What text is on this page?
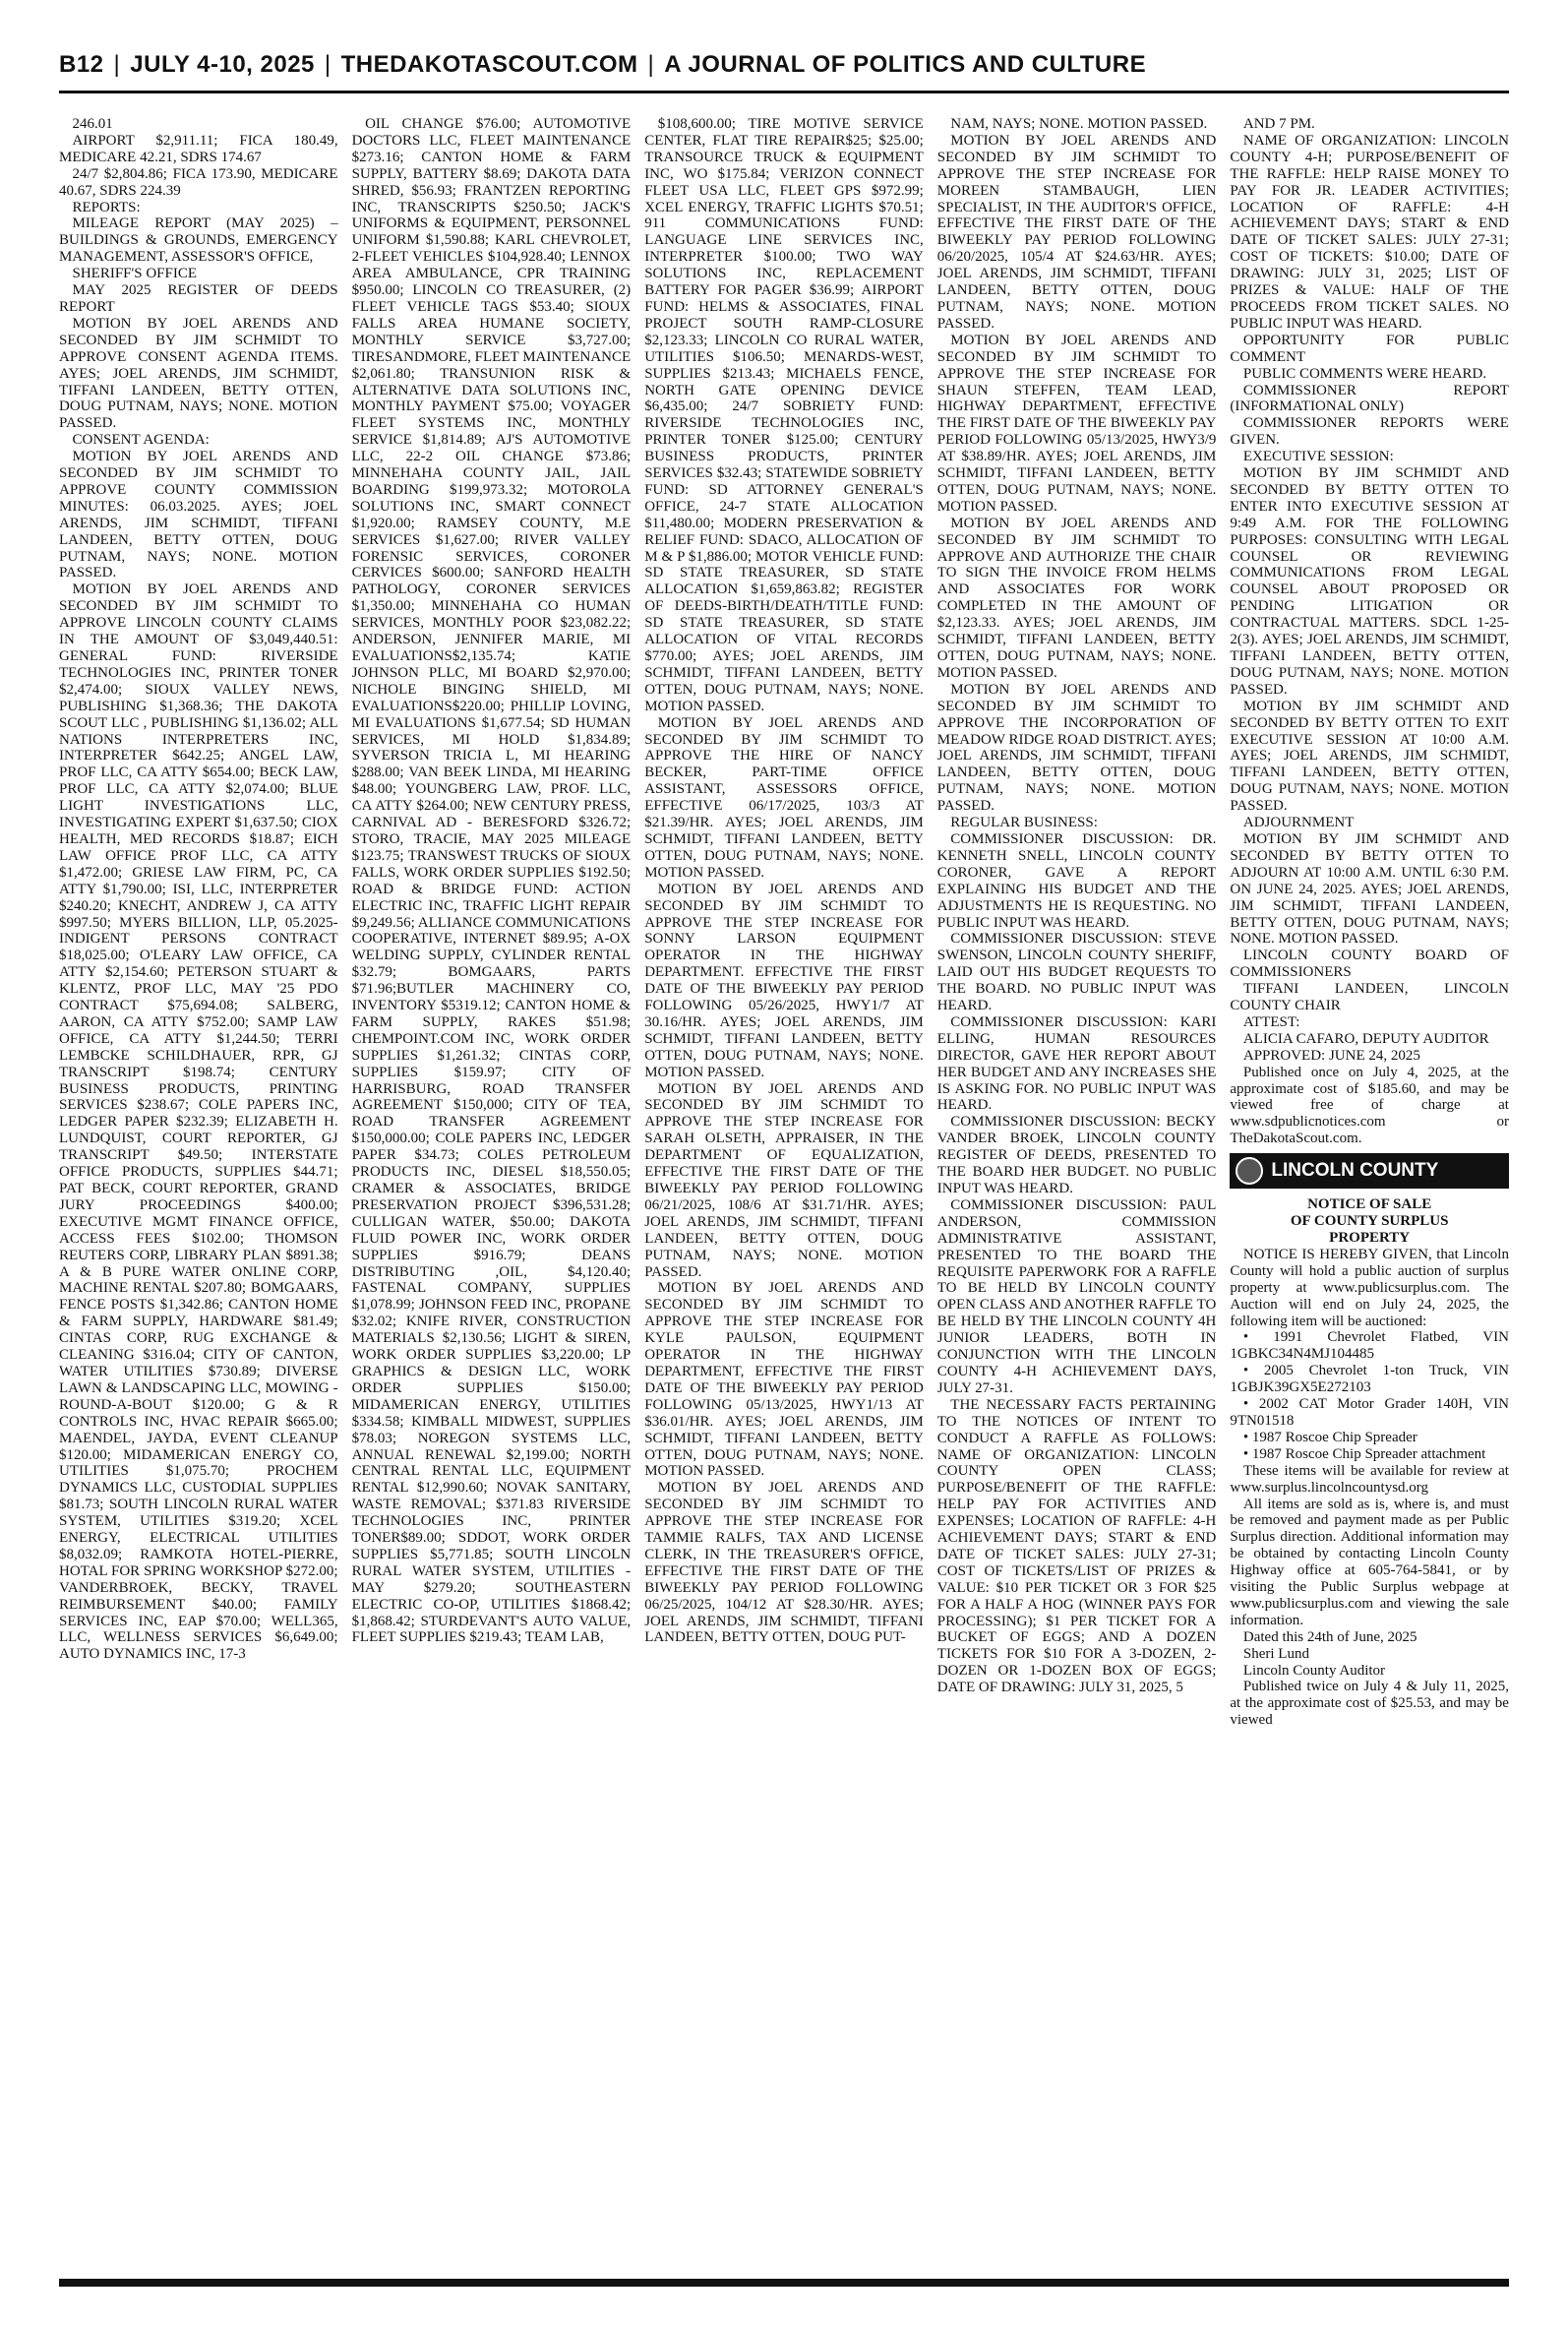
B12 | JULY 4-10, 2025 | THEDAKOTASCOUT.COM | A JOURNAL OF POLITICS AND CULTURE

246.01

AIRPORT $2,911.11; FICA 180.49, MEDICARE 42.21, SDRS 174.67

24/7 $2,804.86; FICA 173.90, MEDICARE 40.67, SDRS 224.39

REPORTS:

MILEAGE REPORT (MAY 2025) – BUILDINGS & GROUNDS, EMERGENCY MANAGEMENT, ASSESSOR'S OFFICE,

SHERIFF'S OFFICE

MAY 2025 REGISTER OF DEEDS REPORT

MOTION BY JOEL ARENDS AND SECONDED BY JIM SCHMIDT TO APPROVE CONSENT AGENDA ITEMS. AYES; JOEL ARENDS, JIM SCHMIDT, TIFFANI LANDEEN, BETTY OTTEN, DOUG PUTNAM, NAYS; NONE. MOTION PASSED.

CONSENT AGENDA:

MOTION BY JOEL ARENDS AND SECONDED BY JIM SCHMIDT TO APPROVE COUNTY COMMISSION MINUTES: 06.03.2025. AYES; JOEL ARENDS, JIM SCHMIDT, TIFFANI LANDEEN, BETTY OTTEN, DOUG PUTNAM, NAYS; NONE. MOTION PASSED.

MOTION BY JOEL ARENDS AND SECONDED BY JIM SCHMIDT TO APPROVE LINCOLN COUNTY CLAIMS IN THE AMOUNT OF $3,049,440.51: GENERAL FUND: RIVERSIDE TECHNOLOGIES INC, PRINTER TONER $2,474.00; SIOUX VALLEY NEWS, PUBLISHING $1,368.36; THE DAKOTA SCOUT LLC , PUBLISHING $1,136.02; ALL NATIONS INTERPRETERS INC, INTERPRETER $642.25; ANGEL LAW, PROF LLC, CA ATTY $654.00; BECK LAW, PROF LLC, CA ATTY $2,074.00; BLUE LIGHT INVESTIGATIONS LLC, INVESTIGATING EXPERT $1,637.50; CIOX HEALTH, MED RECORDS $18.87; EICH LAW OFFICE PROF LLC, CA ATTY $1,472.00; GRIESE LAW FIRM, PC, CA ATTY $1,790.00; ISI, LLC, INTERPRETER $240.20; KNECHT, ANDREW J, CA ATTY $997.50; MYERS BILLION, LLP, 05.2025-INDIGENT PERSONS CONTRACT $18,025.00; O'LEARY LAW OFFICE, CA ATTY $2,154.60; PETERSON STUART & KLENTZ, PROF LLC, MAY '25 PDO CONTRACT $75,694.08; SALBERG, AARON, CA ATTY $752.00; SAMP LAW OFFICE, CA ATTY $1,244.50; TERRI LEMBCKE SCHILDHAUER, RPR, GJ TRANSCRIPT $198.74; CENTURY BUSINESS PRODUCTS, PRINTING SERVICES $238.67; COLE PAPERS INC, LEDGER PAPER $232.39; ELIZABETH H. LUNDQUIST, COURT REPORTER, GJ TRANSCRIPT $49.50; INTERSTATE OFFICE PRODUCTS, SUPPLIES $44.71; PAT BECK, COURT REPORTER, GRAND JURY PROCEEDINGS $400.00; EXECUTIVE MGMT FINANCE OFFICE, ACCESS FEES $102.00; THOMSON REUTERS CORP, LIBRARY PLAN $891.38; A & B PURE WATER ONLINE CORP, MACHINE RENTAL $207.80; BOMGAARS, FENCE POSTS $1,342.86; CANTON HOME & FARM SUPPLY, HARDWARE $81.49; CINTAS CORP, RUG EXCHANGE & CLEANING $316.04; CITY OF CANTON, WATER UTILITIES $730.89; DIVERSE LAWN & LANDSCAPING LLC, MOWING - ROUND-A-BOUT $120.00; G & R CONTROLS INC, HVAC REPAIR $665.00; MAENDEL, JAYDA, EVENT CLEANUP $120.00; MIDAMERICAN ENERGY CO, UTILITIES $1,075.70; PROCHEM DYNAMICS LLC, CUSTODIAL SUPPLIES $81.73; SOUTH LINCOLN RURAL WATER SYSTEM, UTILITIES $319.20; XCEL ENERGY, ELECTRICAL UTILITIES $8,032.09; RAMKOTA HOTEL-PIERRE, HOTAL FOR SPRING WORKSHOP $272.00; VANDERBROEK, BECKY, TRAVEL REIMBURSEMENT $40.00; FAMILY SERVICES INC, EAP $70.00; WELL365, LLC, WELLNESS SERVICES $6,649.00; AUTO DYNAMICS INC, 17-3

OIL CHANGE $76.00; AUTOMOTIVE DOCTORS LLC, FLEET MAINTENANCE $273.16; CANTON HOME & FARM SUPPLY, BATTERY $8.69; DAKOTA DATA SHRED, $56.93; FRANTZEN REPORTING INC, TRANSCRIPTS $250.50; JACK'S UNIFORMS & EQUIPMENT, PERSONNEL UNIFORM $1,590.88; KARL CHEVROLET, 2-FLEET VEHICLES $104,928.40; LENNOX AREA AMBULANCE, CPR TRAINING $950.00; LINCOLN CO TREASURER, (2) FLEET VEHICLE TAGS $53.40; SIOUX FALLS AREA HUMANE SOCIETY, MONTHLY SERVICE $3,727.00; TIRESANDMORE, FLEET MAINTENANCE $2,061.80; TRANSUNION RISK & ALTERNATIVE DATA SOLUTIONS INC, MONTHLY PAYMENT $75.00; VOYAGER FLEET SYSTEMS INC, MONTHLY SERVICE $1,814.89; AJ'S AUTOMOTIVE LLC, 22-2 OIL CHANGE $73.86; MINNEHAHA COUNTY JAIL, JAIL BOARDING $199,973.32; MOTOROLA SOLUTIONS INC, SMART CONNECT $1,920.00; RAMSEY COUNTY, M.E SERVICES $1,627.00; RIVER VALLEY FORENSIC SERVICES, CORONER CERVICES $600.00; SANFORD HEALTH PATHOLOGY, CORONER SERVICES $1,350.00; MINNEHAHA CO HUMAN SERVICES, MONTHLY POOR $23,082.22; ANDERSON, JENNIFER MARIE, MI EVALUATIONS$2,135.74; KATIE JOHNSON PLLC, MI BOARD $2,970.00; NICHOLE BINGING SHIELD, MI EVALUATIONS$220.00; PHILLIP LOVING, MI EVALUATIONS $1,677.54; SD HUMAN SERVICES, MI HOLD $1,834.89; SYVERSON TRICIA L, MI HEARING $288.00; VAN BEEK LINDA, MI HEARING $48.00; YOUNGBERG LAW, PROF. LLC, CA ATTY $264.00; NEW CENTURY PRESS, CARNIVAL AD - BERESFORD $326.72; STORO, TRACIE, MAY 2025 MILEAGE $123.75; TRANSWEST TRUCKS OF SIOUX FALLS, WORK ORDER SUPPLIES $192.50; ROAD & BRIDGE FUND: ACTION ELECTRIC INC, TRAFFIC LIGHT REPAIR $9,249.56; ALLIANCE COMMUNICATIONS COOPERATIVE, INTERNET $89.95; A-OX WELDING SUPPLY, CYLINDER RENTAL $32.79; BOMGAARS, PARTS $71.96;BUTLER MACHINERY CO, INVENTORY $5319.12; CANTON HOME & FARM SUPPLY, RAKES $51.98; CHEMPOINT.COM INC, WORK ORDER SUPPLIES $1,261.32; CINTAS CORP, SUPPLIES $159.97; CITY OF HARRISBURG, ROAD TRANSFER AGREEMENT $150,000; CITY OF TEA, ROAD TRANSFER AGREEMENT $150,000.00; COLE PAPERS INC, LEDGER PAPER $34.73; COLES PETROLEUM PRODUCTS INC, DIESEL $18,550.05; CRAMER & ASSOCIATES, BRIDGE PRESERVATION PROJECT $396,531.28; CULLIGAN WATER, $50.00; DAKOTA FLUID POWER INC, WORK ORDER SUPPLIES $916.79; DEANS DISTRIBUTING ,OIL, $4,120.40; FASTENAL COMPANY, SUPPLIES $1,078.99; JOHNSON FEED INC, PROPANE $32.02; KNIFE RIVER, CONSTRUCTION MATERIALS $2,130.56; LIGHT & SIREN, WORK ORDER SUPPLIES $3,220.00; LP GRAPHICS & DESIGN LLC, WORK ORDER SUPPLIES $150.00; MIDAMERICAN ENERGY, UTILITIES $334.58; KIMBALL MIDWEST, SUPPLIES $78.03; NOREGON SYSTEMS LLC, ANNUAL RENEWAL $2,199.00; NORTH CENTRAL RENTAL LLC, EQUIPMENT RENTAL $12,990.60; NOVAK SANITARY, WASTE REMOVAL; $371.83 RIVERSIDE TECHNOLOGIES INC, PRINTER TONER$89.00; SDDOT, WORK ORDER SUPPLIES $5,771.85; SOUTH LINCOLN RURAL WATER SYSTEM, UTILITIES - MAY $279.20; SOUTHEASTERN ELECTRIC CO-OP, UTILITIES $1868.42; $1,868.42; STURDEVANT'S AUTO VALUE, FLEET SUPPLIES $219.43; TEAM LAB,

$108,600.00; TIRE MOTIVE SERVICE CENTER, FLAT TIRE REPAIR$25; $25.00; TRANSOURCE TRUCK & EQUIPMENT INC, WO $175.84; VERIZON CONNECT FLEET USA LLC, FLEET GPS $972.99; XCEL ENERGY, TRAFFIC LIGHTS $70.51; 911 COMMUNICATIONS FUND: LANGUAGE LINE SERVICES INC, INTERPRETER $100.00; TWO WAY SOLUTIONS INC, REPLACEMENT BATTERY FOR PAGER $36.99; AIRPORT FUND: HELMS & ASSOCIATES, FINAL PROJECT SOUTH RAMP-CLOSURE $2,123.33; LINCOLN CO RURAL WATER, UTILITIES $106.50; MENARDS-WEST, SUPPLIES $213.43; MICHAELS FENCE, NORTH GATE OPENING DEVICE $6,435.00; 24/7 SOBRIETY FUND: RIVERSIDE TECHNOLOGIES INC, PRINTER TONER $125.00; CENTURY BUSINESS PRODUCTS, PRINTER SERVICES $32.43; STATEWIDE SOBRIETY FUND: SD ATTORNEY GENERAL'S OFFICE, 24-7 STATE ALLOCATION $11,480.00; MODERN PRESERVATION & RELIEF FUND: SDACO, ALLOCATION OF M & P $1,886.00; MOTOR VEHICLE FUND: SD STATE TREASURER, SD STATE ALLOCATION $1,659,863.82; REGISTER OF DEEDS-BIRTH/DEATH/TITLE FUND: SD STATE TREASURER, SD STATE ALLOCATION OF VITAL RECORDS $770.00; AYES; JOEL ARENDS, JIM SCHMIDT, TIFFANI LANDEEN, BETTY OTTEN, DOUG PUTNAM, NAYS; NONE. MOTION PASSED.

MOTION BY JOEL ARENDS AND SECONDED BY JIM SCHMIDT TO APPROVE THE HIRE OF NANCY BECKER, PART-TIME OFFICE ASSISTANT, ASSESSORS OFFICE, EFFECTIVE 06/17/2025, 103/3 AT $21.39/HR. AYES; JOEL ARENDS, JIM SCHMIDT, TIFFANI LANDEEN, BETTY OTTEN, DOUG PUTNAM, NAYS; NONE. MOTION PASSED.

MOTION BY JOEL ARENDS AND SECONDED BY JIM SCHMIDT TO APPROVE THE STEP INCREASE FOR SONNY LARSON EQUIPMENT OPERATOR IN THE HIGHWAY DEPARTMENT. EFFECTIVE THE FIRST DATE OF THE BIWEEKLY PAY PERIOD FOLLOWING 05/26/2025, HWY1/7 AT 30.16/HR. AYES; JOEL ARENDS, JIM SCHMIDT, TIFFANI LANDEEN, BETTY OTTEN, DOUG PUTNAM, NAYS; NONE. MOTION PASSED.

MOTION BY JOEL ARENDS AND SECONDED BY JIM SCHMIDT TO APPROVE THE STEP INCREASE FOR SARAH OLSETH, APPRAISER, IN THE DEPARTMENT OF EQUALIZATION, EFFECTIVE THE FIRST DATE OF THE BIWEEKLY PAY PERIOD FOLLOWING 06/21/2025, 108/6 AT $31.71/HR. AYES; JOEL ARENDS, JIM SCHMIDT, TIFFANI LANDEEN, BETTY OTTEN, DOUG PUTNAM, NAYS; NONE. MOTION PASSED.

MOTION BY JOEL ARENDS AND SECONDED BY JIM SCHMIDT TO APPROVE THE STEP INCREASE FOR KYLE PAULSON, EQUIPMENT OPERATOR IN THE HIGHWAY DEPARTMENT, EFFECTIVE THE FIRST DATE OF THE BIWEEKLY PAY PERIOD FOLLOWING 05/13/2025, HWY1/13 AT $36.01/HR. AYES; JOEL ARENDS, JIM SCHMIDT, TIFFANI LANDEEN, BETTY OTTEN, DOUG PUTNAM, NAYS; NONE. MOTION PASSED.

MOTION BY JOEL ARENDS AND SECONDED BY JIM SCHMIDT TO APPROVE THE STEP INCREASE FOR TAMMIE RALFS, TAX AND LICENSE CLERK, IN THE TREASURER'S OFFICE, EFFECTIVE THE FIRST DATE OF THE BIWEEKLY PAY PERIOD FOLLOWING 06/25/2025, 104/12 AT $28.30/HR. AYES; JOEL ARENDS, JIM SCHMIDT, TIFFANI LANDEEN, BETTY OTTEN, DOUG PUT-

NAM, NAYS; NONE. MOTION PASSED.

MOTION BY JOEL ARENDS AND SECONDED BY JIM SCHMIDT TO APPROVE THE STEP INCREASE FOR MOREEN STAMBAUGH, LIEN SPECIALIST, IN THE AUDITOR'S OFFICE, EFFECTIVE THE FIRST DATE OF THE BIWEEKLY PAY PERIOD FOLLOWING 06/20/2025, 105/4 AT $24.63/HR. AYES; JOEL ARENDS, JIM SCHMIDT, TIFFANI LANDEEN, BETTY OTTEN, DOUG PUTNAM, NAYS; NONE. MOTION PASSED.

MOTION BY JOEL ARENDS AND SECONDED BY JIM SCHMIDT TO APPROVE THE STEP INCREASE FOR SHAUN STEFFEN, TEAM LEAD, HIGHWAY DEPARTMENT, EFFECTIVE THE FIRST DATE OF THE BIWEEKLY PAY PERIOD FOLLOWING 05/13/2025, HWY3/9 AT $38.89/HR. AYES; JOEL ARENDS, JIM SCHMIDT, TIFFANI LANDEEN, BETTY OTTEN, DOUG PUTNAM, NAYS; NONE. MOTION PASSED.

MOTION BY JOEL ARENDS AND SECONDED BY JIM SCHMIDT TO APPROVE AND AUTHORIZE THE CHAIR TO SIGN THE INVOICE FROM HELMS AND ASSOCIATES FOR WORK COMPLETED IN THE AMOUNT OF $2,123.33. AYES; JOEL ARENDS, JIM SCHMIDT, TIFFANI LANDEEN, BETTY OTTEN, DOUG PUTNAM, NAYS; NONE. MOTION PASSED.

MOTION BY JOEL ARENDS AND SECONDED BY JIM SCHMIDT TO APPROVE THE INCORPORATION OF MEADOW RIDGE ROAD DISTRICT. AYES; JOEL ARENDS, JIM SCHMIDT, TIFFANI LANDEEN, BETTY OTTEN, DOUG PUTNAM, NAYS; NONE. MOTION PASSED.

REGULAR BUSINESS:

COMMISSIONER DISCUSSION: DR. KENNETH SNELL, LINCOLN COUNTY CORONER, GAVE A REPORT EXPLAINING HIS BUDGET AND THE ADJUSTMENTS HE IS REQUESTING. NO PUBLIC INPUT WAS HEARD.

COMMISSIONER DISCUSSION: STEVE SWENSON, LINCOLN COUNTY SHERIFF, LAID OUT HIS BUDGET REQUESTS TO THE BOARD. NO PUBLIC INPUT WAS HEARD.

COMMISSIONER DISCUSSION: KARI ELLING, HUMAN RESOURCES DIRECTOR, GAVE HER REPORT ABOUT HER BUDGET AND ANY INCREASES SHE IS ASKING FOR. NO PUBLIC INPUT WAS HEARD.

COMMISSIONER DISCUSSION: BECKY VANDER BROEK, LINCOLN COUNTY REGISTER OF DEEDS, PRESENTED TO THE BOARD HER BUDGET. NO PUBLIC INPUT WAS HEARD.

COMMISSIONER DISCUSSION: PAUL ANDERSON, COMMISSION ADMINISTRATIVE ASSISTANT, PRESENTED TO THE BOARD THE REQUISITE PAPERWORK FOR A RAFFLE TO BE HELD BY LINCOLN COUNTY OPEN CLASS AND ANOTHER RAFFLE TO BE HELD BY THE LINCOLN COUNTY 4H JUNIOR LEADERS, BOTH IN CONJUNCTION WITH THE LINCOLN COUNTY 4-H ACHIEVEMENT DAYS, JULY 27-31.

THE NECESSARY FACTS PERTAINING TO THE NOTICES OF INTENT TO CONDUCT A RAFFLE AS FOLLOWS: NAME OF ORGANIZATION: LINCOLN COUNTY OPEN CLASS; PURPOSE/BENEFIT OF THE RAFFLE: HELP PAY FOR ACTIVITIES AND EXPENSES; LOCATION OF RAFFLE: 4-H ACHIEVEMENT DAYS; START & END DATE OF TICKET SALES: JULY 27-31; COST OF TICKETS/LIST OF PRIZES & VALUE: $10 PER TICKET OR 3 FOR $25 FOR A HALF A HOG (WINNER PAYS FOR PROCESSING); $1 PER TICKET FOR A BUCKET OF EGGS; AND A DOZEN TICKETS FOR $10 FOR A 3-DOZEN, 2-DOZEN OR 1-DOZEN BOX OF EGGS; DATE OF DRAWING: JULY 31, 2025, 5

AND 7 PM.

NAME OF ORGANIZATION: LINCOLN COUNTY 4-H; PURPOSE/BENEFIT OF THE RAFFLE: HELP RAISE MONEY TO PAY FOR JR. LEADER ACTIVITIES; LOCATION OF RAFFLE: 4-H ACHIEVEMENT DAYS; START & END DATE OF TICKET SALES: JULY 27-31; COST OF TICKETS: $10.00; DATE OF DRAWING: JULY 31, 2025; LIST OF PRIZES & VALUE: HALF OF THE PROCEEDS FROM TICKET SALES. NO PUBLIC INPUT WAS HEARD.

OPPORTUNITY FOR PUBLIC COMMENT

PUBLIC COMMENTS WERE HEARD.

COMMISSIONER REPORT (INFORMATIONAL ONLY)

COMMISSIONER REPORTS WERE GIVEN.

EXECUTIVE SESSION:

MOTION BY JIM SCHMIDT AND SECONDED BY BETTY OTTEN TO ENTER INTO EXECUTIVE SESSION AT 9:49 A.M. FOR THE FOLLOWING PURPOSES: CONSULTING WITH LEGAL COUNSEL OR REVIEWING COMMUNICATIONS FROM LEGAL COUNSEL ABOUT PROPOSED OR PENDING LITIGATION OR CONTRACTUAL MATTERS. SDCL 1-25-2(3). AYES; JOEL ARENDS, JIM SCHMIDT, TIFFANI LANDEEN, BETTY OTTEN, DOUG PUTNAM, NAYS; NONE. MOTION PASSED.

MOTION BY JIM SCHMIDT AND SECONDED BY BETTY OTTEN TO EXIT EXECUTIVE SESSION AT 10:00 A.M. AYES; JOEL ARENDS, JIM SCHMIDT, TIFFANI LANDEEN, BETTY OTTEN, DOUG PUTNAM, NAYS; NONE. MOTION PASSED.

ADJOURNMENT

MOTION BY JIM SCHMIDT AND SECONDED BY BETTY OTTEN TO ADJOURN AT 10:00 A.M. UNTIL 6:30 P.M. ON JUNE 24, 2025. AYES; JOEL ARENDS, JIM SCHMIDT, TIFFANI LANDEEN, BETTY OTTEN, DOUG PUTNAM, NAYS; NONE. MOTION PASSED.

LINCOLN COUNTY BOARD OF COMMISSIONERS

TIFFANI LANDEEN, LINCOLN COUNTY CHAIR

ATTEST:

ALICIA CAFARO, DEPUTY AUDITOR

APPROVED: JUNE 24, 2025

Published once on July 4, 2025, at the approximate cost of $185.60, and may be viewed free of charge at www.sdpublicnotices.com or TheDakotaScout.com.

LINCOLN COUNTY

NOTICE OF SALE

OF COUNTY SURPLUS

PROPERTY

NOTICE IS HEREBY GIVEN, that Lincoln County will hold a public auction of surplus property at www.publicsurplus.com. The Auction will end on July 24, 2025, the following item will be auctioned:

• 1991 Chevrolet Flatbed, VIN 1GBKC34N4MJ104485

• 2005 Chevrolet 1-ton Truck, VIN 1GBJK39GX5E272103

• 2002 CAT Motor Grader 140H, VIN 9TN01518

• 1987 Roscoe Chip Spreader

• 1987 Roscoe Chip Spreader attachment

These items will be available for review at www.surplus.lincolncountysd.org

All items are sold as is, where is, and must be removed and payment made as per Public Surplus direction. Additional information may be obtained by contacting Lincoln County Highway office at 605-764-5841, or by visiting the Public Surplus webpage at www.publicsurplus.com and viewing the sale information.

Dated this 24th of June, 2025

Sheri Lund

Lincoln County Auditor

Published twice on July 4 & July 11, 2025, at the approximate cost of $25.53, and may be viewed
